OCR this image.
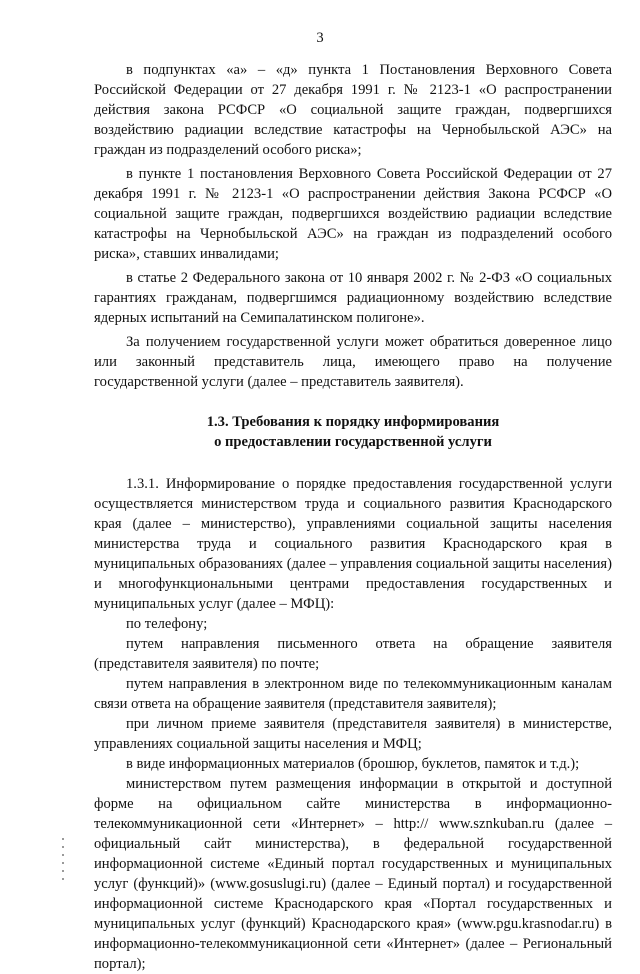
3

в подпунктах «а» – «д» пункта 1 Постановления Верховного Совета Российской Федерации от 27 декабря 1991 г. № 2123-1 «О распространении действия закона РСФСР «О социальной защите граждан, подвергшихся воздействию радиации вследствие катастрофы на Чернобыльской АЭС» на граждан из подразделений особого риска»;

в пункте 1 постановления Верховного Совета Российской Федерации от 27 декабря 1991 г. № 2123-1 «О распространении действия Закона РСФСР «О социальной защите граждан, подвергшихся воздействию радиации вследствие катастрофы на Чернобыльской АЭС» на граждан из подразделений особого риска», ставших инвалидами;

в статье 2 Федерального закона от 10 января 2002 г. № 2-ФЗ «О социальных гарантиях гражданам, подвергшимся радиационному воздействию вследствие ядерных испытаний на Семипалатинском полигоне».

За получением государственной услуги может обратиться доверенное лицо или законный представитель лица, имеющего право на получение государственной услуги (далее – представитель заявителя).

1.3. Требования к порядку информирования
о предоставлении государственной услуги

1.3.1. Информирование о порядке предоставления государственной услуги осуществляется министерством труда и социального развития Краснодарского края (далее – министерство), управлениями социальной защиты населения министерства труда и социального развития Краснодарского края в муниципальных образованиях (далее – управления социальной защиты населения) и многофункциональными центрами предоставления государственных и муниципальных услуг (далее – МФЦ):

по телефону;

путем направления письменного ответа на обращение заявителя (представителя заявителя) по почте;

путем направления в электронном виде по телекоммуникационным каналам связи ответа на обращение заявителя (представителя заявителя);

при личном приеме заявителя (представителя заявителя) в министерстве, управлениях социальной защиты населения и МФЦ;

в виде информационных материалов (брошюр, буклетов, памяток и т.д.);

министерством путем размещения информации в открытой и доступной форме на официальном сайте министерства в информационно-телекоммуникационной сети «Интернет» – http:// www.sznkuban.ru (далее – официальный сайт министерства), в федеральной государственной информационной системе «Единый портал государственных и муниципальных услуг (функций)» (www.gosuslugi.ru) (далее – Единый портал) и государственной информационной системе Краснодарского края «Портал государственных и муниципальных услуг (функций) Краснодарского края» (www.pgu.krasnodar.ru) в информационно-телекоммуникационной сети «Интернет» (далее – Региональный портал);
